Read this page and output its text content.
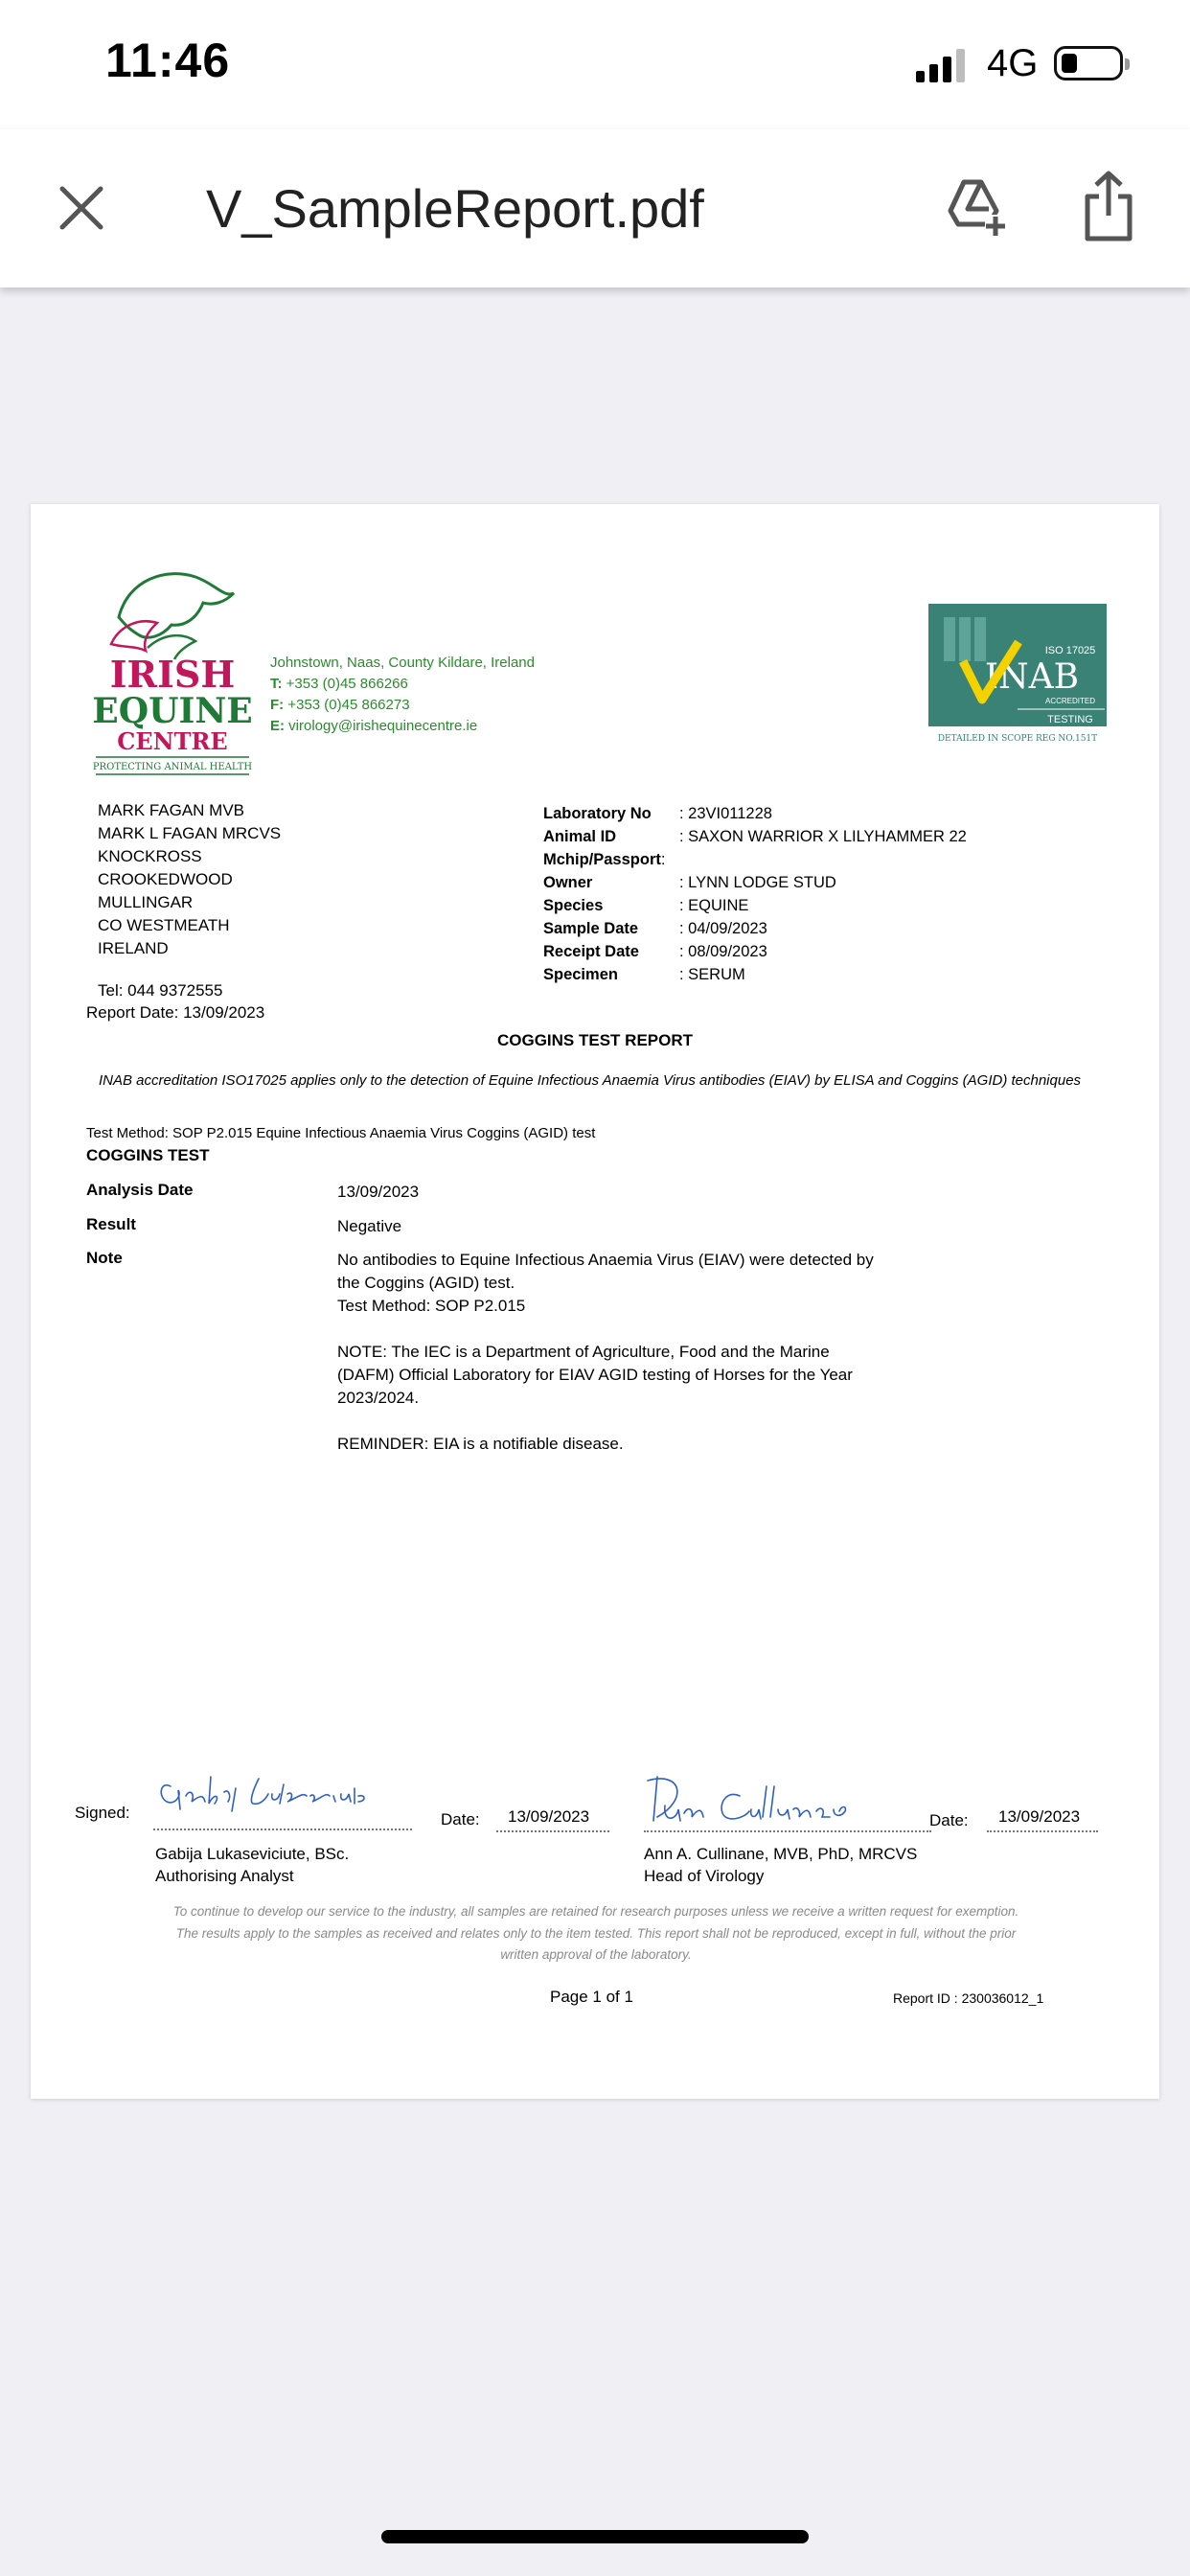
11:46	4G
V_SampleReport.pdf
IRISH
EQUINE
CENTRE
PROTECTING ANIMAL HEALTH
Johnstown, Naas, County Kildare, Ireland
T: +353 (0)45 866266
F: +353 (0)45 866273
E: virology@irishequinecentre.ie
ISO 17025
INAB
ACCREDITED
TESTING
DETAILED IN SCOPE REG NO.151T
MARK FAGAN MVB
MARK L FAGAN MRCVS
KNOCKROSS
CROOKEDWOOD
MULLINGAR
CO WESTMEATH
IRELAND
Tel: 044 9372555
Report Date: 13/09/2023
Laboratory No	: 23VI011228
Animal ID	: SAXON WARRIOR X LILYHAMMER 22
Mchip/Passport :
Owner	: LYNN LODGE STUD
Species	: EQUINE
Sample Date	: 04/09/2023
Receipt Date	: 08/09/2023
Specimen	: SERUM
COGGINS TEST REPORT
INAB accreditation ISO17025 applies only to the detection of Equine Infectious Anaemia Virus antibodies (EIAV) by ELISA and Coggins (AGID) techniques
Test Method: SOP P2.015 Equine Infectious Anaemia Virus Coggins (AGID) test
COGGINS TEST
Analysis Date	13/09/2023
Result	Negative
Note	No antibodies to Equine Infectious Anaemia Virus (EIAV) were detected by
the Coggins (AGID) test.
Test Method: SOP P2.015
NOTE: The IEC is a Department of Agriculture, Food and the Marine
(DAFM) Official Laboratory for EIAV AGID testing of Horses for the Year
2023/2024.
REMINDER: EIA is a notifiable disease.
Signed:	Date: 13/09/2023
Gabija Lukaseviciute, BSc.
Authorising Analyst
Date: 13/09/2023
Ann A. Cullinane, MVB, PhD, MRCVS
Head of Virology
To continue to develop our service to the industry, all samples are retained for research purposes unless we receive a written request for exemption.
The results apply to the samples as received and relates only to the item tested. This report shall not be reproduced, except in full, without the prior
written approval of the laboratory.
Page 1 of 1	Report ID : 230036012_1
